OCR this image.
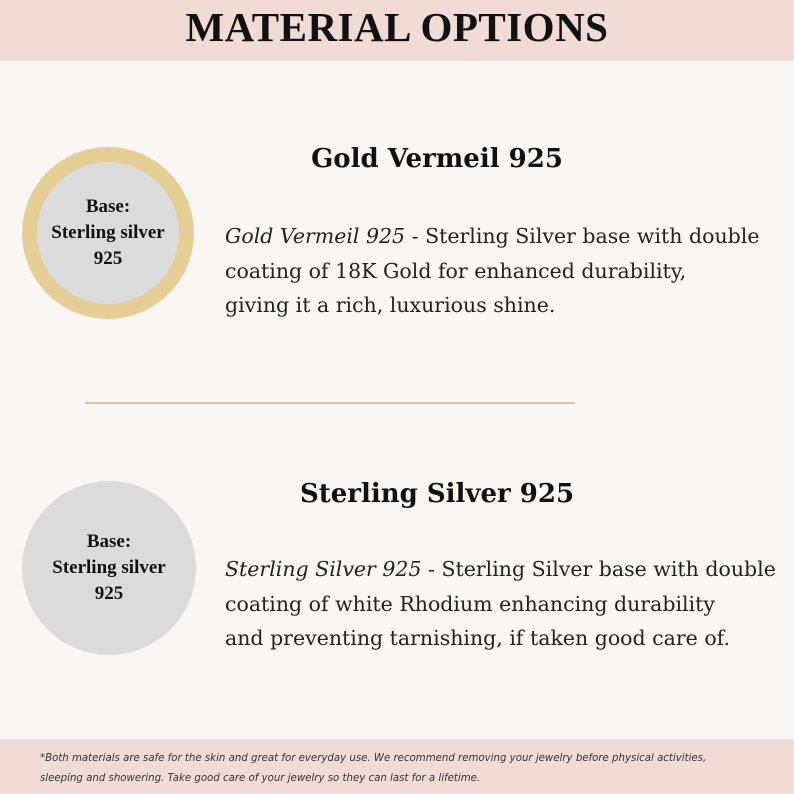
MATERIAL OPTIONS
Base:
Sterling silver
925
Gold Vermeil 925
Gold Vermeil 925 - Sterling Silver base with double
coating of 18K Gold for enhanced durability,
giving it a rich, luxurious shine.
Base:
Sterling silver
925
Sterling Silver 925
Sterling Silver 925 - Sterling Silver base with double
coating of white Rhodium enhancing durability
and preventing tarnishing, if taken good care of.
*Both materials are safe for the skin and great for everyday use. We recommend removing your jewelry before physical activities,
sleeping and showering. Take good care of your jewelry so they can last for a lifetime.
